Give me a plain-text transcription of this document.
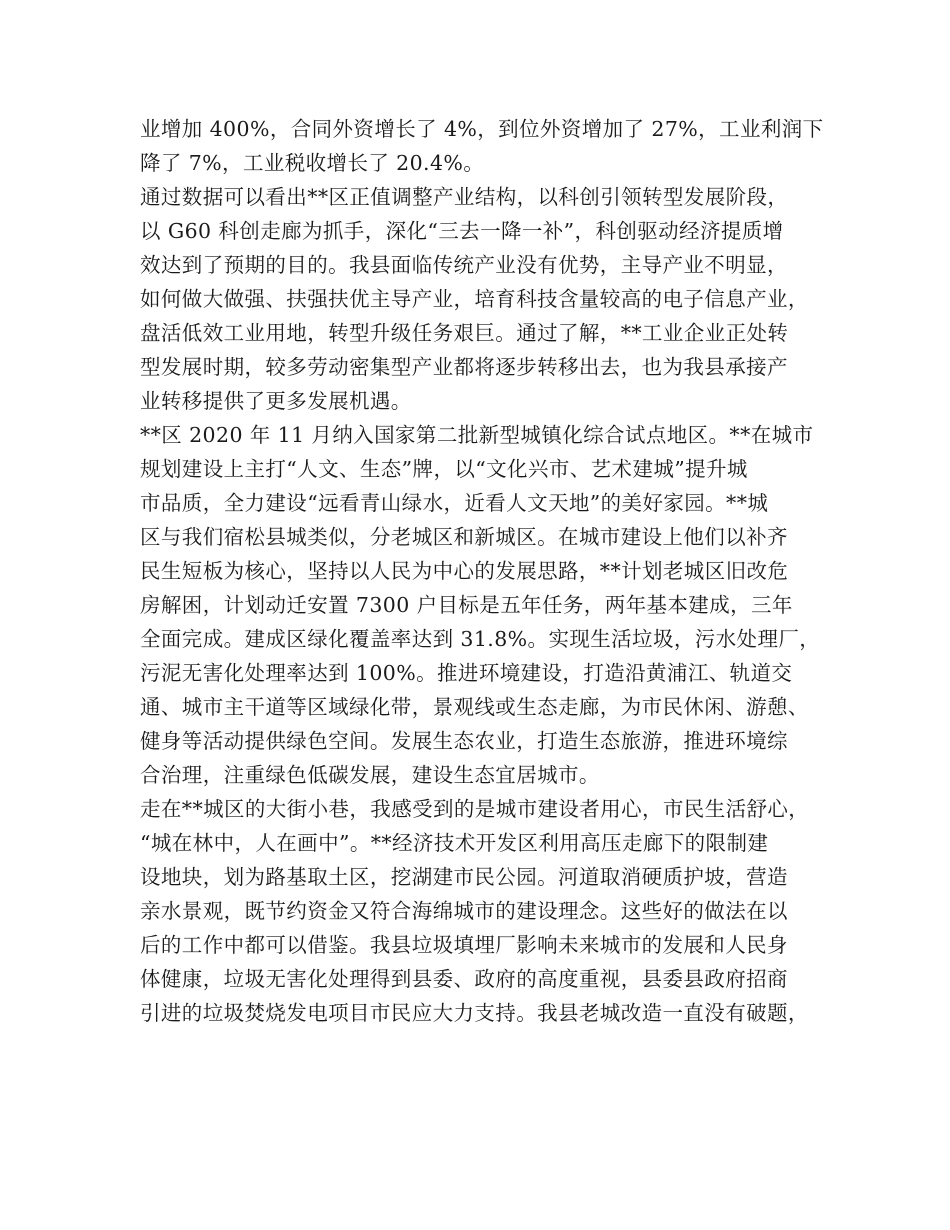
业增加 400%，合同外资增长了 4%，到位外资增加了 27%，工业利润下
降了 7%，工业税收增长了 20.4%。

通过数据可以看出**区正值调整产业结构，以科创引领转型发展阶段，
以 G60 科创走廊为抓手，深化“三去一降一补”，科创驱动经济提质增
效达到了预期的目的。我县面临传统产业没有优势，主导产业不明显，
如何做大做强、扶强扶优主导产业，培育科技含量较高的电子信息产业，
盘活低效工业用地，转型升级任务艰巨。通过了解，**工业企业正处转
型发展时期，较多劳动密集型产业都将逐步转移出去，也为我县承接产
业转移提供了更多发展机遇。

**区 2020 年 11 月纳入国家第二批新型城镇化综合试点地区。**在城市
规划建设上主打“人文、生态”牌，以“文化兴市、艺术建城”提升城
市品质，全力建设“远看青山绿水，近看人文天地”的美好家园。**城
区与我们宿松县城类似，分老城区和新城区。在城市建设上他们以补齐
民生短板为核心，坚持以人民为中心的发展思路，**计划老城区旧改危
房解困，计划动迁安置 7300 户目标是五年任务，两年基本建成，三年
全面完成。建成区绿化覆盖率达到 31.8%。实现生活垃圾，污水处理厂，
污泥无害化处理率达到 100%。推进环境建设，打造沿黄浦江、轨道交
通、城市主干道等区域绿化带，景观线或生态走廊，为市民休闲、游憩、
健身等活动提供绿色空间。发展生态农业，打造生态旅游，推进环境综
合治理，注重绿色低碳发展，建设生态宜居城市。

走在**城区的大街小巷，我感受到的是城市建设者用心，市民生活舒心，
“城在林中，人在画中”。**经济技术开发区利用高压走廊下的限制建
设地块，划为路基取土区，挖湖建市民公园。河道取消硬质护坡，营造
亲水景观，既节约资金又符合海绵城市的建设理念。这些好的做法在以
后的工作中都可以借鉴。我县垃圾填埋厂影响未来城市的发展和人民身
体健康，垃圾无害化处理得到县委、政府的高度重视，县委县政府招商
引进的垃圾焚烧发电项目市民应大力支持。我县老城改造一直没有破题，
